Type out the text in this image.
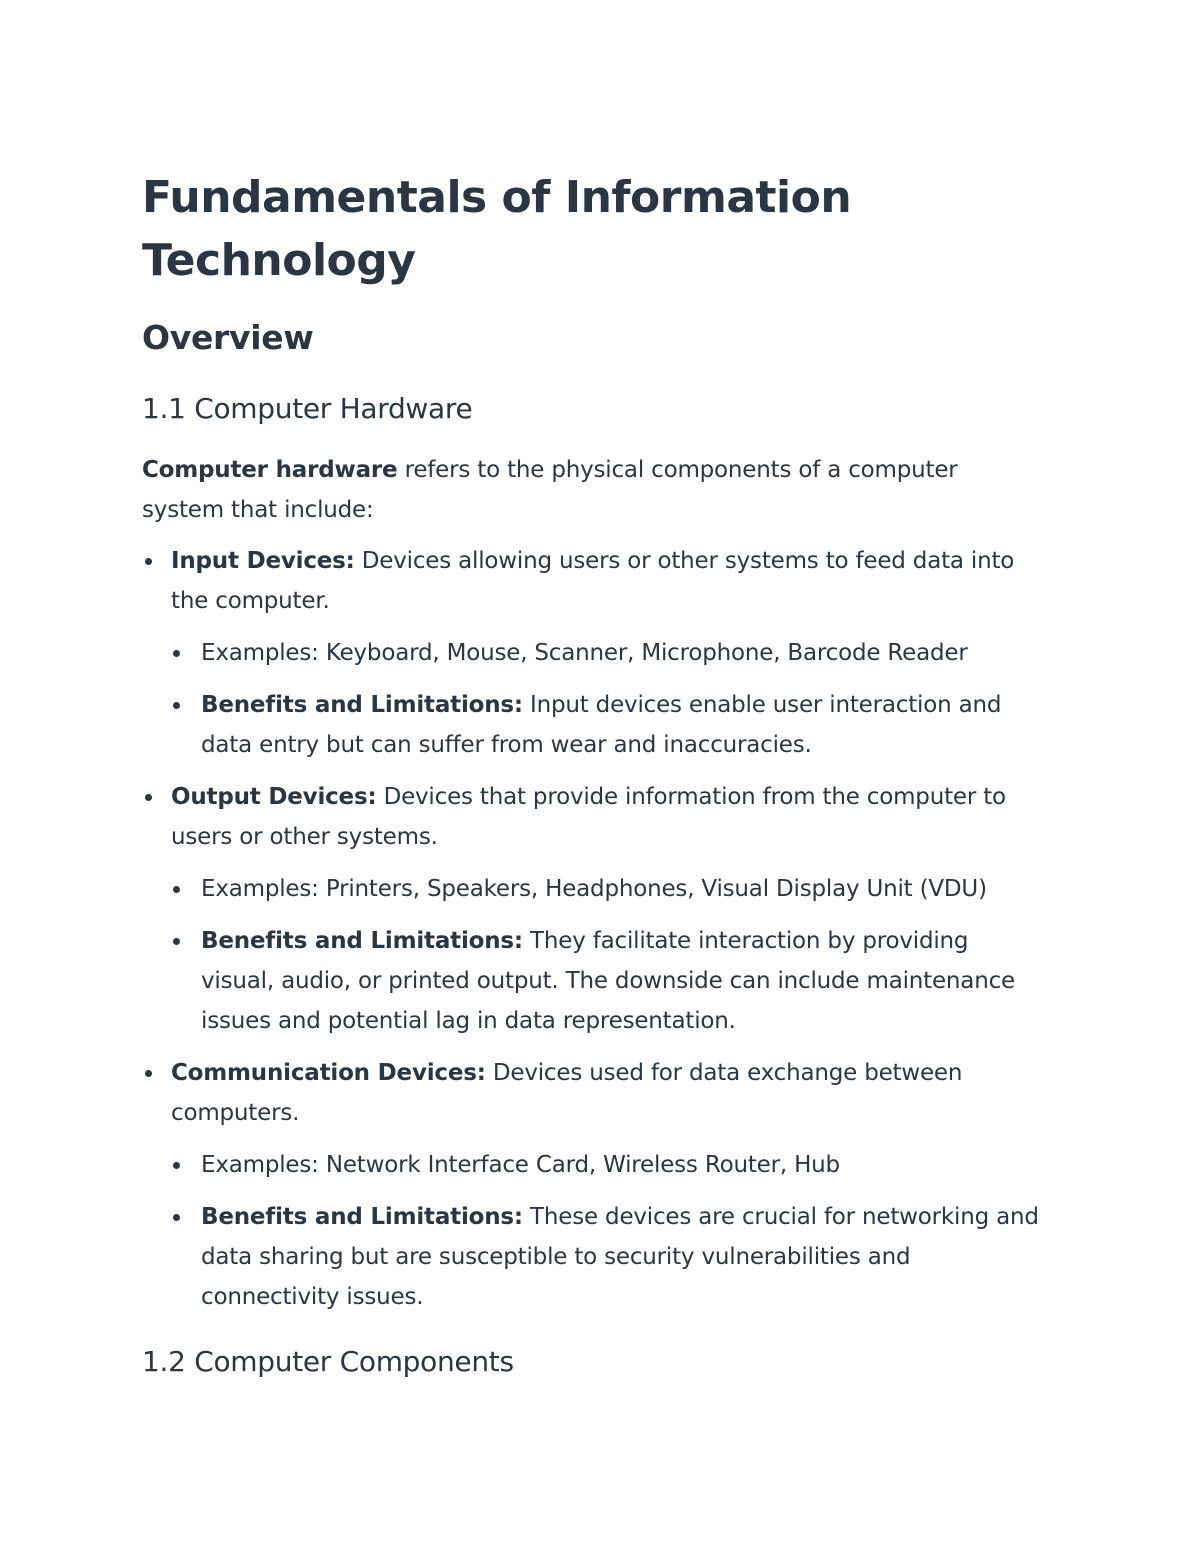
Fundamentals of Information Technology
Overview
1.1 Computer Hardware

Computer hardware refers to the physical components of a computer system that include:

Input Devices: Devices allowing users or other systems to feed data into the computer.
Examples: Keyboard, Mouse, Scanner, Microphone, Barcode Reader
Benefits and Limitations: Input devices enable user interaction and data entry but can suffer from wear and inaccuracies.
Output Devices: Devices that provide information from the computer to users or other systems.
Examples: Printers, Speakers, Headphones, Visual Display Unit (VDU)
Benefits and Limitations: They facilitate interaction by providing visual, audio, or printed output. The downside can include maintenance issues and potential lag in data representation.
Communication Devices: Devices used for data exchange between computers.
Examples: Network Interface Card, Wireless Router, Hub
Benefits and Limitations: These devices are crucial for networking and data sharing but are susceptible to security vulnerabilities and connectivity issues.
1.2 Computer Components
